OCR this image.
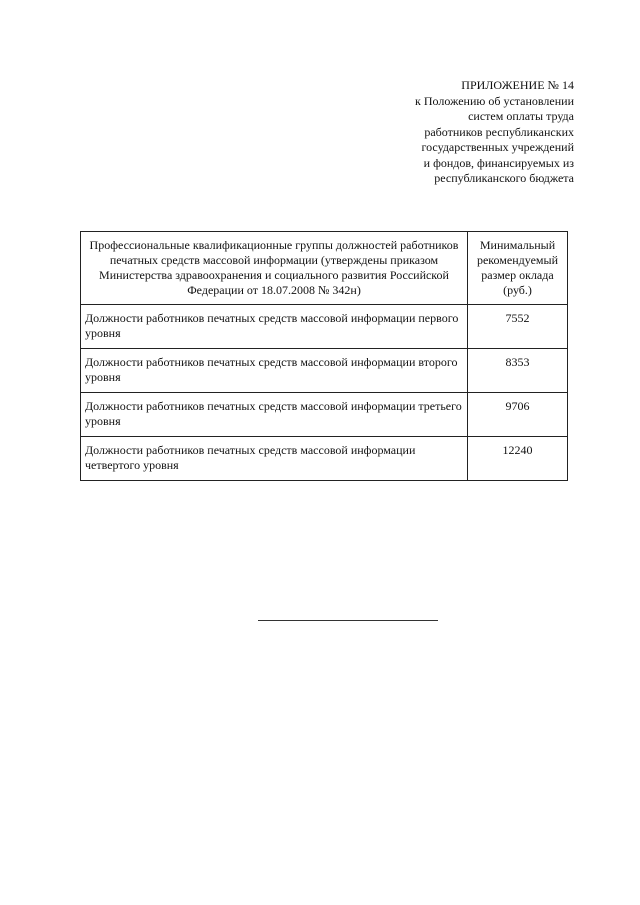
ПРИЛОЖЕНИЕ № 14
к Положению об установлении
систем оплаты труда
работников республиканских
государственных учреждений
и фондов, финансируемых из
республиканского бюджета
Профессиональные квалификационные группы должностей работников печатных средств массовой информации (утверждены приказом Министерства здравоохранения и социального развития Российской Федерации от 18.07.2008 № 342н)	Минимальный рекомендуемый размер оклада (руб.)
Должности работников печатных средств массовой информации первого уровня	7552
Должности работников печатных средств массовой информации второго уровня	8353
Должности работников печатных средств массовой информации третьего уровня	9706
Должности работников печатных средств массовой информации четвертого уровня	12240
